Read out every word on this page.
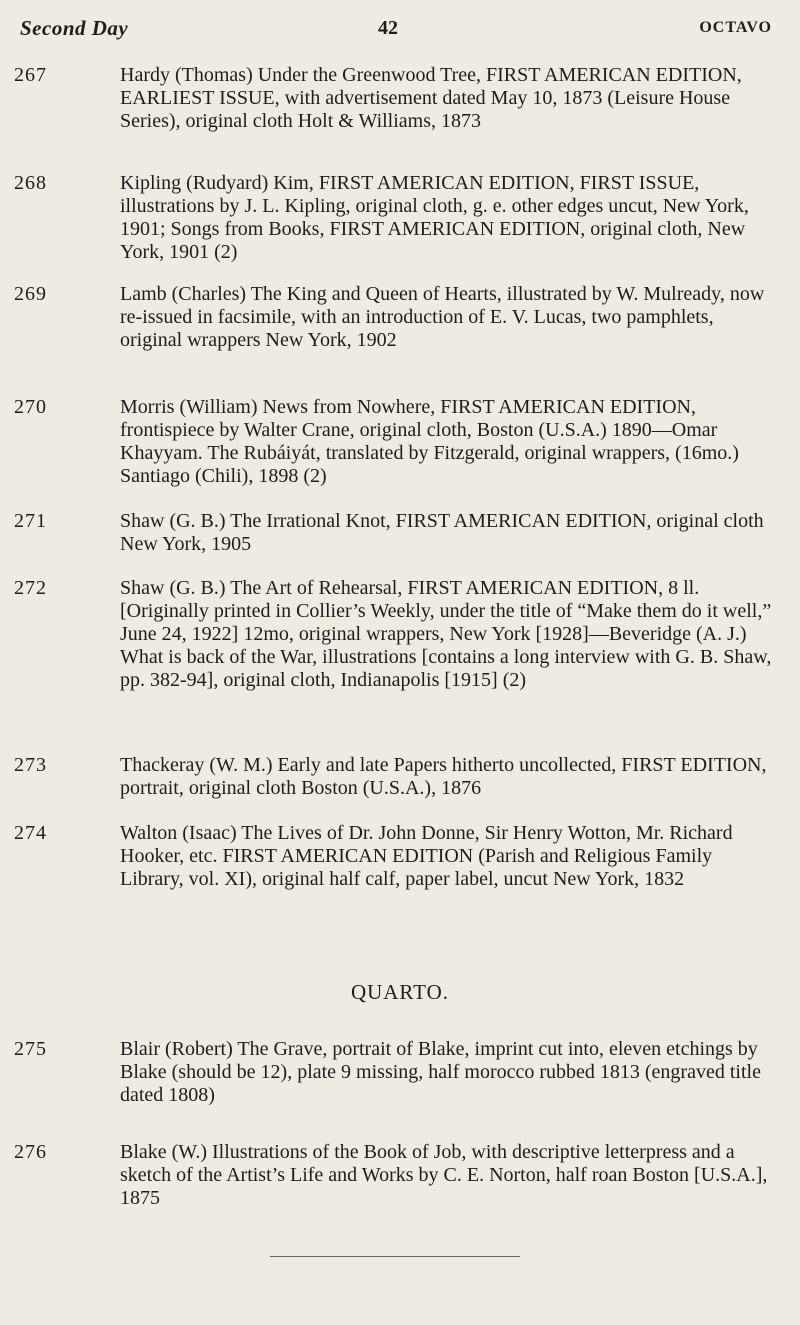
Second Day	42	OCTAVO
267	Hardy (Thomas) Under the Greenwood Tree, FIRST AMERICAN EDITION, EARLIEST ISSUE, with advertisement dated May 10, 1873 (Leisure House Series), original cloth Holt & Williams, 1873
268	Kipling (Rudyard) Kim, FIRST AMERICAN EDITION, FIRST ISSUE, illustrations by J. L. Kipling, original cloth, g. e. other edges uncut, New York, 1901; Songs from Books, FIRST AMERICAN EDITION, original cloth, New York, 1901 (2)
269	Lamb (Charles) The King and Queen of Hearts, illustrated by W. Mulready, now re-issued in facsimile, with an introduction of E. V. Lucas, two pamphlets, original wrappers New York, 1902
270	Morris (William) News from Nowhere, FIRST AMERICAN EDITION, frontispiece by Walter Crane, original cloth, Boston (U.S.A.) 1890—Omar Khayyam. The Rubáiyát, translated by Fitzgerald, original wrappers, (16mo.) Santiago (Chili), 1898 (2)
271	Shaw (G. B.) The Irrational Knot, FIRST AMERICAN EDITION, original cloth New York, 1905
272	Shaw (G. B.) The Art of Rehearsal, FIRST AMERICAN EDITION, 8 ll. [Originally printed in Collier’s Weekly, under the title of “Make them do it well,” June 24, 1922] 12mo, original wrappers, New York [1928]—Beveridge (A. J.) What is back of the War, illustrations [contains a long interview with G. B. Shaw, pp. 382-94], original cloth, Indianapolis [1915] (2)
273	Thackeray (W. M.) Early and late Papers hitherto uncollected, FIRST EDITION, portrait, original cloth Boston (U.S.A.), 1876
274	Walton (Isaac) The Lives of Dr. John Donne, Sir Henry Wotton, Mr. Richard Hooker, etc. FIRST AMERICAN EDITION (Parish and Religious Family Library, vol. XI), original half calf, paper label, uncut New York, 1832
QUARTO.
275	Blair (Robert) The Grave, portrait of Blake, imprint cut into, eleven etchings by Blake (should be 12), plate 9 missing, half morocco rubbed 1813 (engraved title dated 1808)
276	Blake (W.) Illustrations of the Book of Job, with descriptive letterpress and a sketch of the Artist’s Life and Works by C. E. Norton, half roan Boston [U.S.A.], 1875
